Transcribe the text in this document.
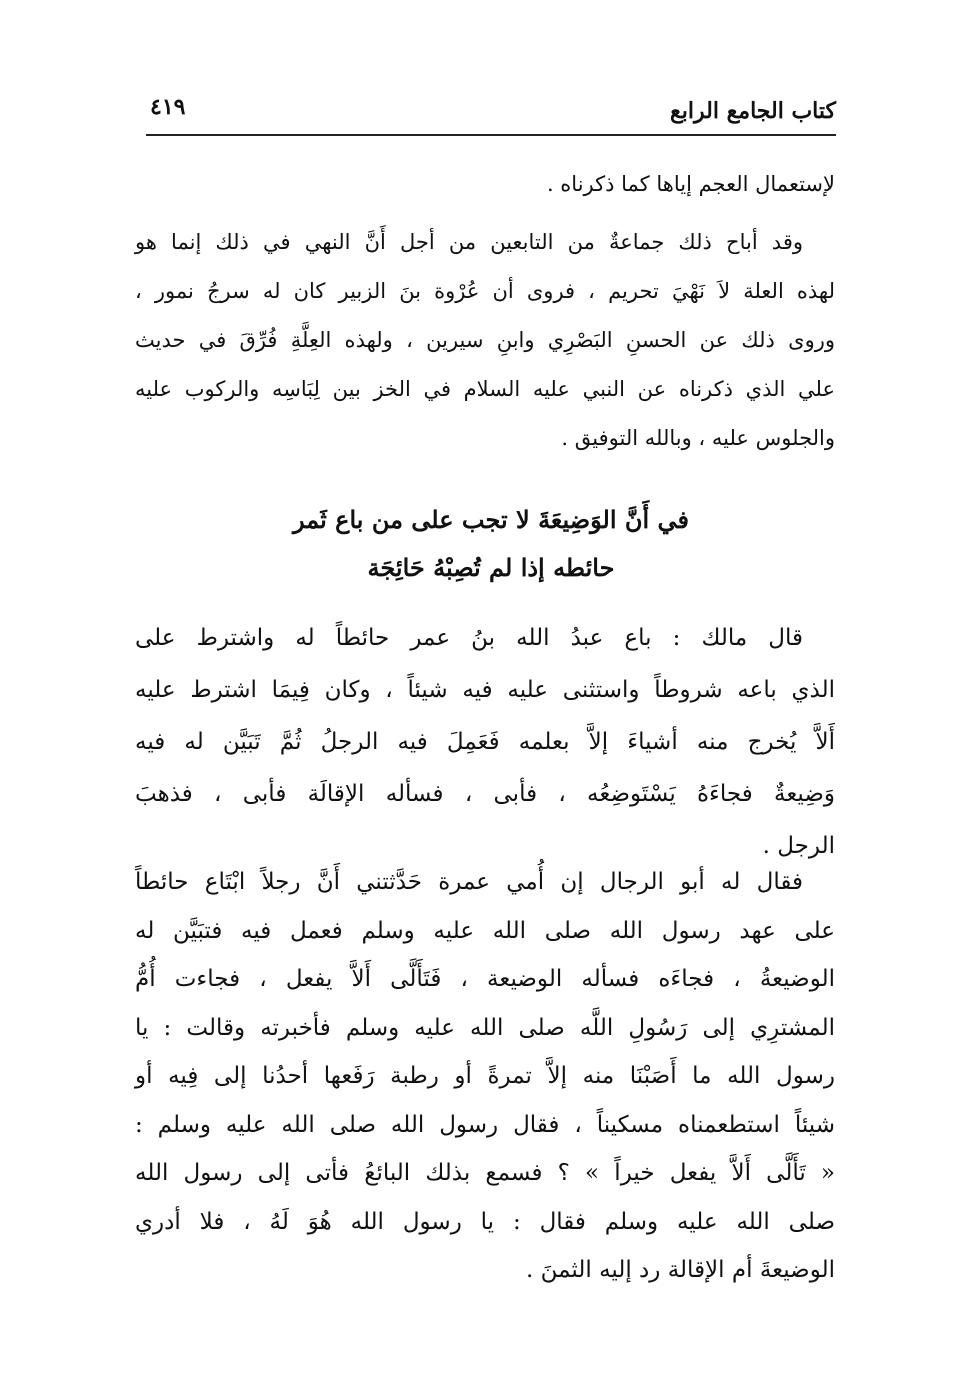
كتاب الجامع الرابع
٤١٩
لإستعمال العجم إياها كما ذكرناه .
وقد أباح ذلك جماعةٌ من التابعين من أجل أَنَّ النهي في ذلك إنما هو
لهذه العلة لاَ نَهْيَ تحريم ، فروى أن عُرْوة بنَ الزبير كان له سرجُ نمور ،
وروى ذلك عن الحسنِ البَصْرِي وابنِ سيرين ، ولهذه العِلَّةِ فُرِّقَ في حديث
علي الذي ذكرناه عن النبي عليه السلام في الخز بين لِبَاسِه والركوب عليه
والجلوس عليه ، وبالله التوفيق .
في أَنَّ الوَضِيعَةَ لا تجب على من باع ثَمر
حائطه إذا لم تُصِبْهُ حَائِجَة
قال مالك : باع عبدُ الله بنُ عمر حائطاً له واشترط على
الذي باعه شروطاً واستثنى عليه فيه شيئاً ، وكان فِيمَا اشترط عليه
أَلاَّ يُخرج منه أشياءَ إلاَّ بعلمه فَعَمِلَ فيه الرجلُ ثُمَّ تَبَيَّن له فيه
وَضِيعةٌ فجاءَهُ يَسْتَوضِعُه ، فأبى ، فسأله الإقالَة فأبى ، فذهبَ
الرجل .
فقال له أبو الرجال إن أُمي عمرة حَدَّثتني أَنَّ رجلاً ابْتَاع حائطاً
على عهد رسول الله صلى الله عليه وسلم فعمل فيه فتبَيَّن له
الوضيعةُ ، فجاءَه فسأله الوضيعة ، فَتَأَلَّى أَلاَّ يفعل ، فجاءت أُمُّ
المشترِي إلى رَسُولِ اللَّه صلى الله عليه وسلم فأخبرته وقالت : يا
رسول الله ما أَصَبْنَا منه إلاَّ تمرةً أو رطبة رَفَعها أحدُنا إلى فِيه أو
شيئاً استطعمناه مسكيناً ، فقال رسول الله صلى الله عليه وسلم :
« تَأَلَّى أَلاَّ يفعل خيراً » ؟ فسمع بذلك البائعُ فأتى إلى رسول الله
صلى الله عليه وسلم فقال : يا رسول الله هُوَ لَهُ ، فلا أدري
الوضيعةَ أم الإقالة رد إليه الثمنَ .
